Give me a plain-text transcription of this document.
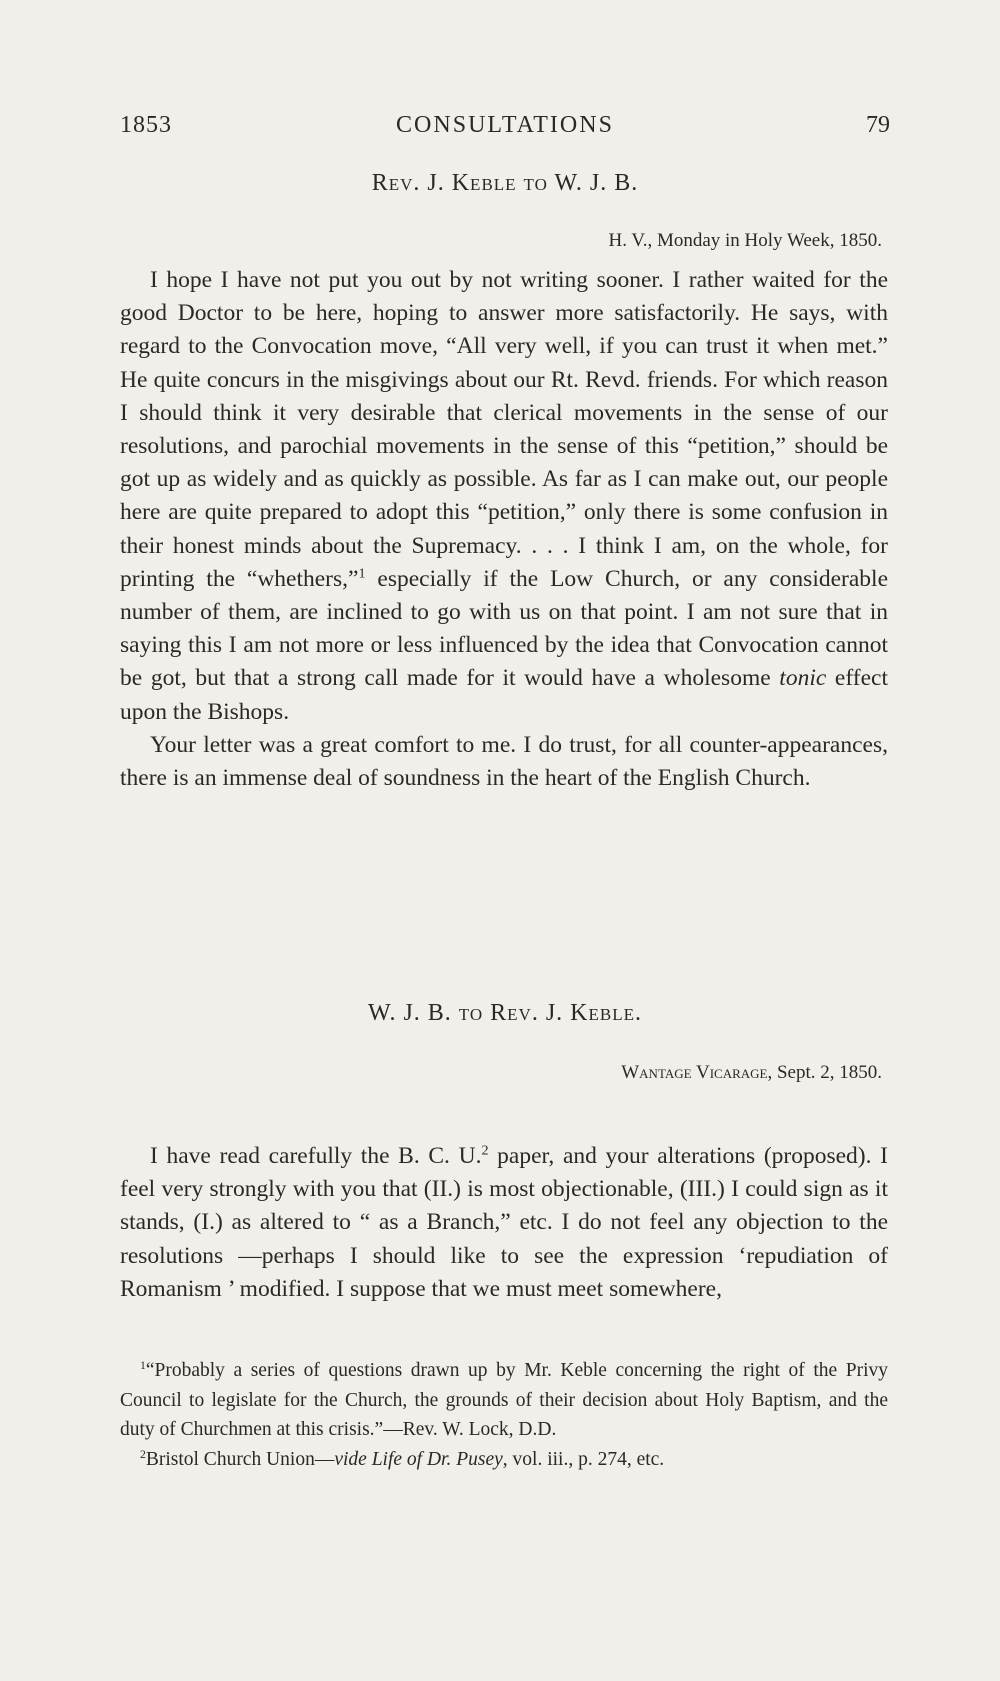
1853	CONSULTATIONS	79
Rev. J. Keble to W. J. B.
H. V., Monday in Holy Week, 1850.

I hope I have not put you out by not writing sooner. I rather waited for the good Doctor to be here, hoping to answer more satisfactorily. He says, with regard to the Convocation move, “All very well, if you can trust it when met.” He quite concurs in the misgivings about our Rt. Revd. friends. For which reason I should think it very desirable that clerical movements in the sense of our resolutions, and parochial movements in the sense of this “petition,” should be got up as widely and as quickly as possible. As far as I can make out, our people here are quite prepared to adopt this “petition,” only there is some confusion in their honest minds about the Supremacy. . . . I think I am, on the whole, for printing the “whethers,”$^1$ especially if the Low Church, or any considerable number of them, are inclined to go with us on that point. I am not sure that in saying this I am not more or less influenced by the idea that Convocation cannot be got, but that a strong call made for it would have a wholesome tonic effect upon the Bishops.

Your letter was a great comfort to me. I do trust, for all counter-appearances, there is an immense deal of soundness in the heart of the English Church.

W. J. B. to Rev. J. Keble.
Wantage Vicarage, Sept. 2, 1850.

I have read carefully the B. C. U.$^2$ paper, and your alterations (proposed). I feel very strongly with you that (II.) is most objectionable, (III.) I could sign as it stands, (I.) as altered to “ as a Branch,” etc. I do not feel any objection to the resolutions —perhaps I should like to see the expression ‘repudiation of Romanism ’ modified. I suppose that we must meet somewhere,

$^1$“Probably a series of questions drawn up by Mr. Keble concerning the right of the Privy Council to legislate for the Church, the grounds of their decision about Holy Baptism, and the duty of Churchmen at this crisis.”—Rev. W. Lock, D.D.

$^2$Bristol Church Union—vide Life of Dr. Pusey, vol. iii., p. 274, etc.
